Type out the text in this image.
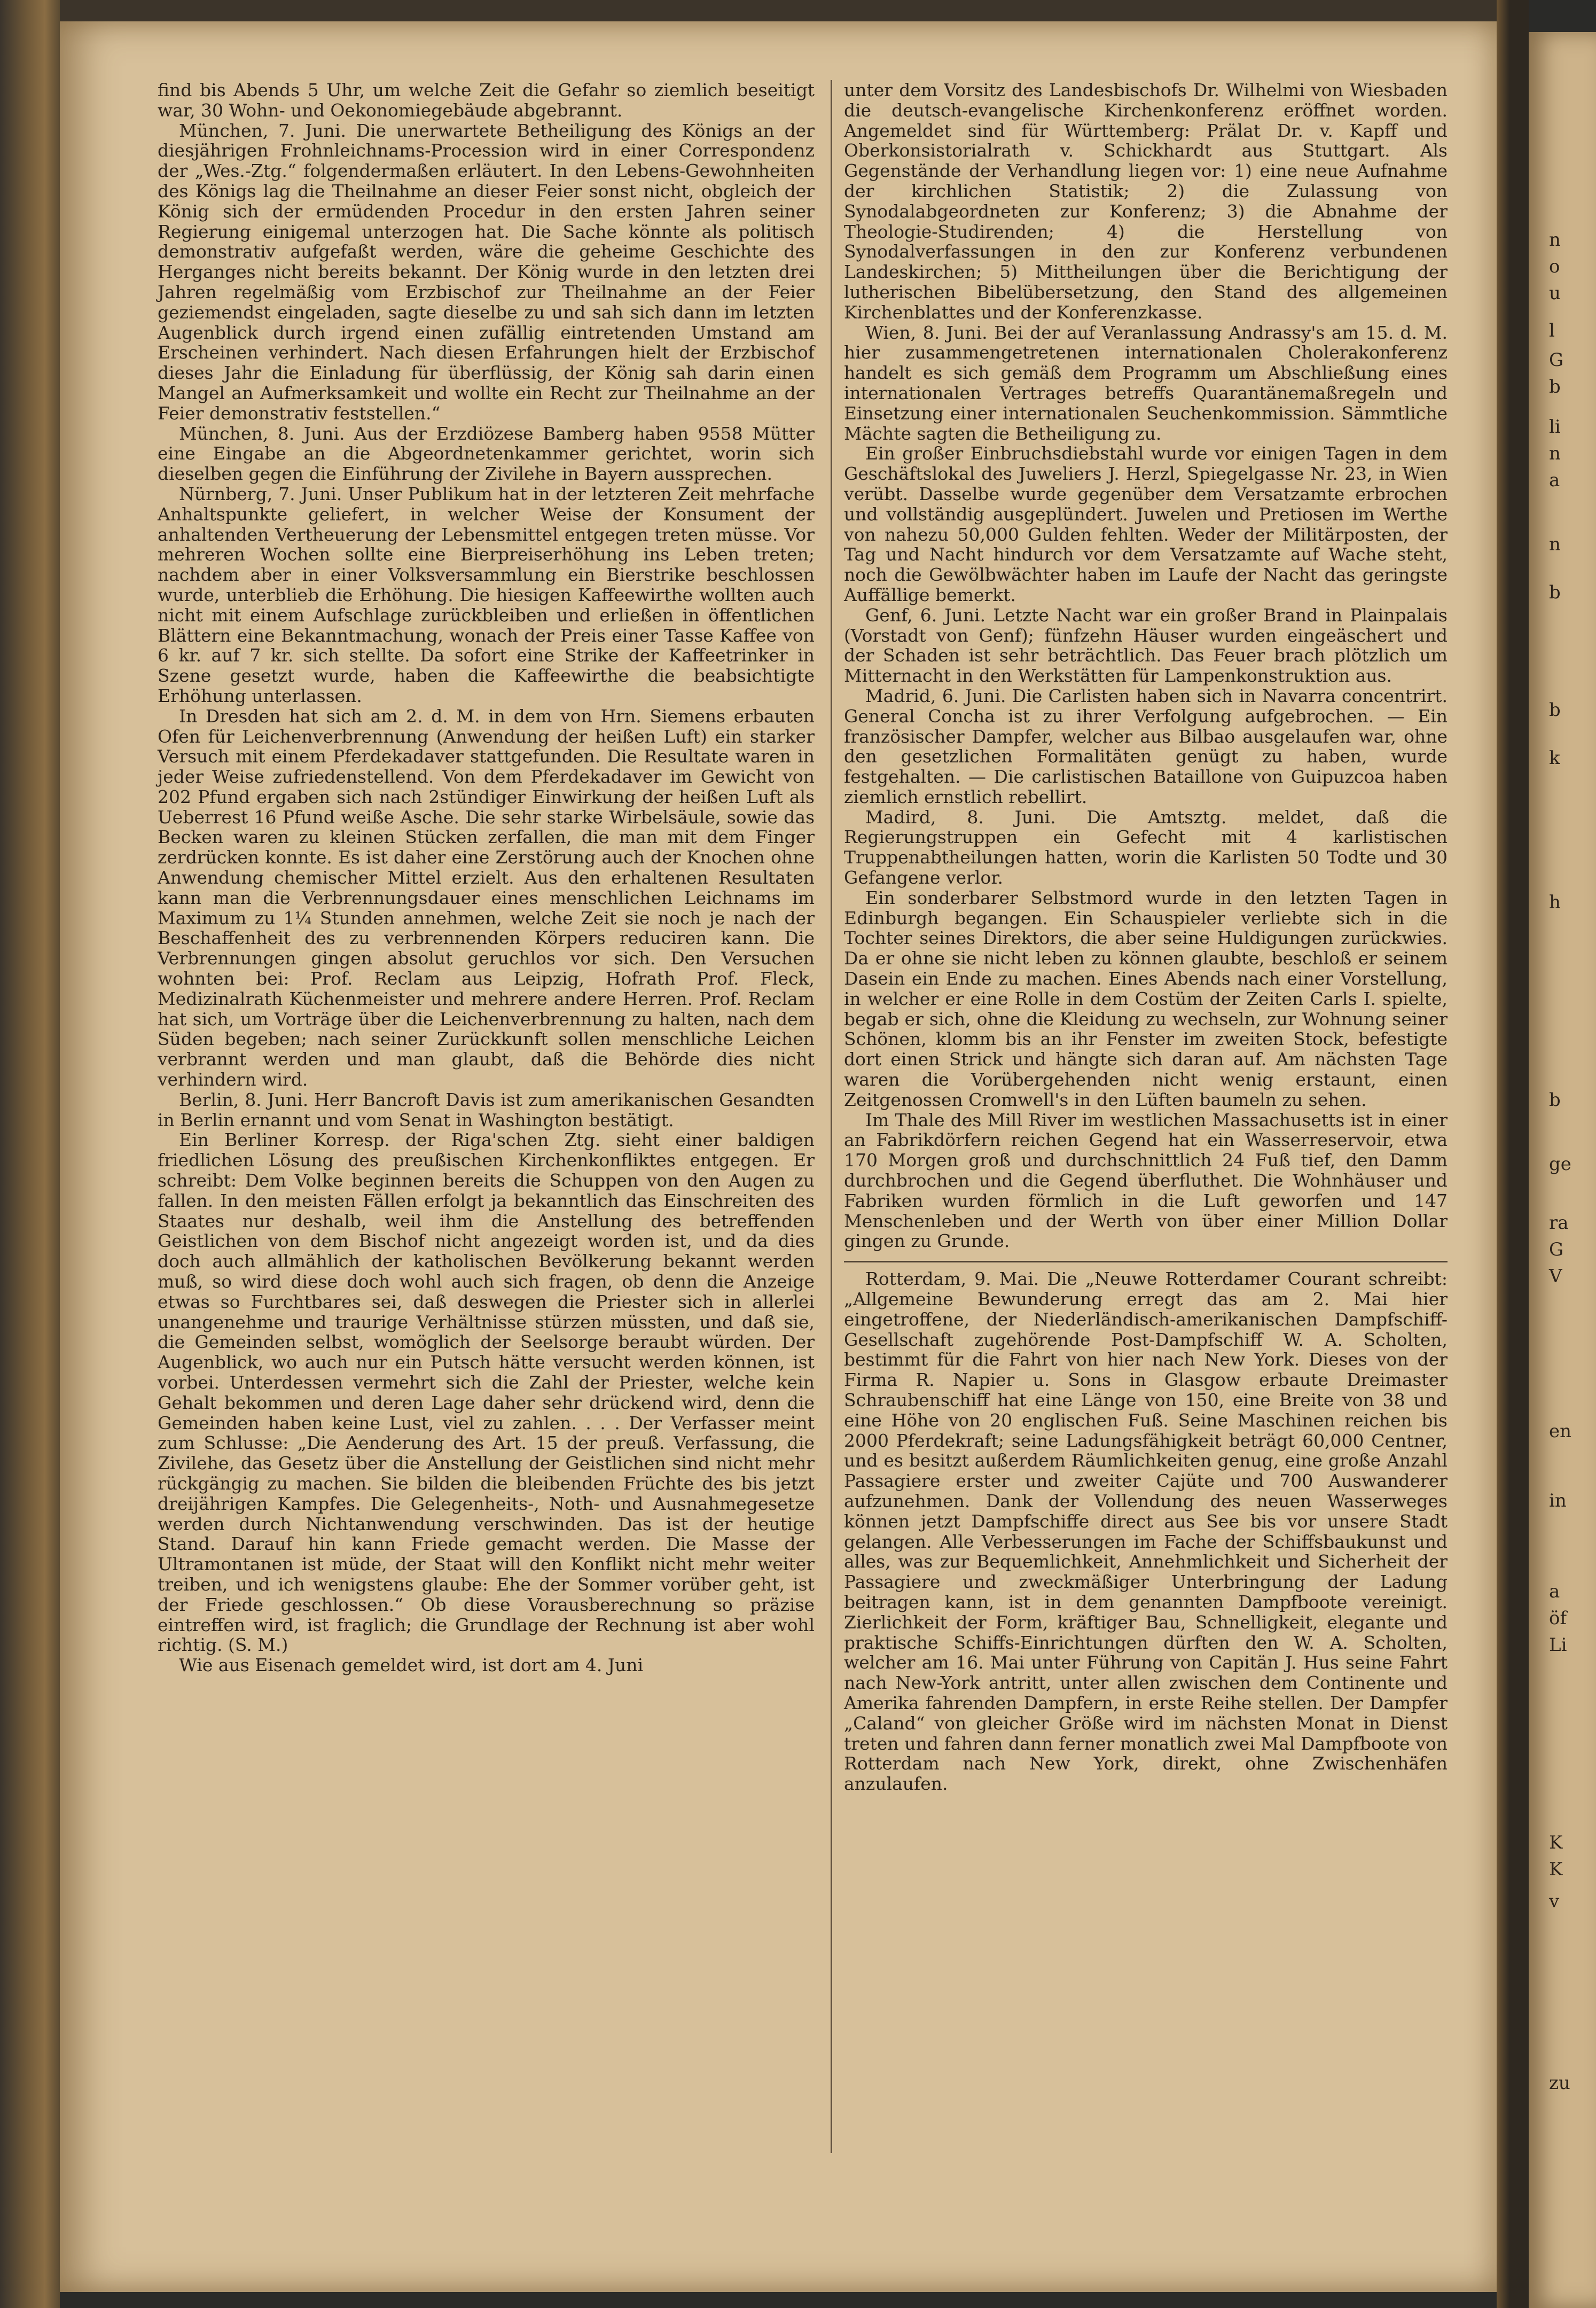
find bis Abends 5 Uhr, um welche Zeit die Gefahr so ziemlich beseitigt war, 30 Wohn- und Oekonomiegebäude abgebrannt.

München, 7. Juni. Die unerwartete Betheiligung des Königs an der diesjährigen Frohnleichnams-Procession wird in einer Correspondenz der „Wes.-Ztg.“ folgendermaßen erläutert. In den Lebens-Gewohnheiten des Königs lag die Theilnahme an dieser Feier sonst nicht, obgleich der König sich der ermüdenden Procedur in den ersten Jahren seiner Regierung einigemal unterzogen hat. Die Sache könnte als politisch demonstrativ aufgefaßt werden, wäre die geheime Geschichte des Herganges nicht bereits bekannt. Der König wurde in den letzten drei Jahren regelmäßig vom Erzbischof zur Theilnahme an der Feier geziemendst eingeladen, sagte dieselbe zu und sah sich dann im letzten Augenblick durch irgend einen zufällig eintretenden Umstand am Erscheinen verhindert. Nach diesen Erfahrungen hielt der Erzbischof dieses Jahr die Einladung für überflüssig, der König sah darin einen Mangel an Aufmerksamkeit und wollte ein Recht zur Theilnahme an der Feier demonstrativ feststellen.“

München, 8. Juni. Aus der Erzdiözese Bamberg haben 9558 Mütter eine Eingabe an die Abgeordnetenkammer gerichtet, worin sich dieselben gegen die Einführung der Zivilehe in Bayern aussprechen.

Nürnberg, 7. Juni. Unser Publikum hat in der letzteren Zeit mehrfache Anhaltspunkte geliefert, in welcher Weise der Konsument der anhaltenden Vertheuerung der Lebensmittel entgegen treten müsse. Vor mehreren Wochen sollte eine Bierpreiserhöhung ins Leben treten; nachdem aber in einer Volksversammlung ein Bierstrike beschlossen wurde, unterblieb die Erhöhung. Die hiesigen Kaffeewirthe wollten auch nicht mit einem Aufschlage zurückbleiben und erließen in öffentlichen Blättern eine Bekanntmachung, wonach der Preis einer Tasse Kaffee von 6 kr. auf 7 kr. sich stellte. Da sofort eine Strike der Kaffeetrinker in Szene gesetzt wurde, haben die Kaffeewirthe die beabsichtigte Erhöhung unterlassen.

In Dresden hat sich am 2. d. M. in dem von Hrn. Siemens erbauten Ofen für Leichenverbrennung (Anwendung der heißen Luft) ein starker Versuch mit einem Pferdekadaver stattgefunden. Die Resultate waren in jeder Weise zufriedenstellend. Von dem Pferdekadaver im Gewicht von 202 Pfund ergaben sich nach 2stündiger Einwirkung der heißen Luft als Ueberrest 16 Pfund weiße Asche. Die sehr starke Wirbelsäule, sowie das Becken waren zu kleinen Stücken zerfallen, die man mit dem Finger zerdrücken konnte. Es ist daher eine Zerstörung auch der Knochen ohne Anwendung chemischer Mittel erzielt. Aus den erhaltenen Resultaten kann man die Verbrennungsdauer eines menschlichen Leichnams im Maximum zu 1¼ Stunden annehmen, welche Zeit sie noch je nach der Beschaffenheit des zu verbrennenden Körpers reduciren kann. Die Verbrennungen gingen absolut geruchlos vor sich. Den Versuchen wohnten bei: Prof. Reclam aus Leipzig, Hofrath Prof. Fleck, Medizinalrath Küchenmeister und mehrere andere Herren. Prof. Reclam hat sich, um Vorträge über die Leichenverbrennung zu halten, nach dem Süden begeben; nach seiner Zurückkunft sollen menschliche Leichen verbrannt werden und man glaubt, daß die Behörde dies nicht verhindern wird.

Berlin, 8. Juni. Herr Bancroft Davis ist zum amerikanischen Gesandten in Berlin ernannt und vom Senat in Washington bestätigt.

Ein Berliner Korresp. der Riga'schen Ztg. sieht einer baldigen friedlichen Lösung des preußischen Kirchenkonfliktes entgegen. Er schreibt: Dem Volke beginnen bereits die Schuppen von den Augen zu fallen. In den meisten Fällen erfolgt ja bekanntlich das Einschreiten des Staates nur deshalb, weil ihm die Anstellung des betreffenden Geistlichen von dem Bischof nicht angezeigt worden ist, und da dies doch auch allmählich der katholischen Bevölkerung bekannt werden muß, so wird diese doch wohl auch sich fragen, ob denn die Anzeige etwas so Furchtbares sei, daß deswegen die Priester sich in allerlei unangenehme und traurige Verhältnisse stürzen müssten, und daß sie, die Gemeinden selbst, womöglich der Seelsorge beraubt würden. Der Augenblick, wo auch nur ein Putsch hätte versucht werden können, ist vorbei. Unterdessen vermehrt sich die Zahl der Priester, welche kein Gehalt bekommen und deren Lage daher sehr drückend wird, denn die Gemeinden haben keine Lust, viel zu zahlen. . . . Der Verfasser meint zum Schlusse: „Die Aenderung des Art. 15 der preuß. Verfassung, die Zivilehe, das Gesetz über die Anstellung der Geistlichen sind nicht mehr rückgängig zu machen. Sie bilden die bleibenden Früchte des bis jetzt dreijährigen Kampfes. Die Gelegenheits-, Noth- und Ausnahmegesetze werden durch Nichtanwendung verschwinden. Das ist der heutige Stand. Darauf hin kann Friede gemacht werden. Die Masse der Ultramontanen ist müde, der Staat will den Konflikt nicht mehr weiter treiben, und ich wenigstens glaube: Ehe der Sommer vorüber geht, ist der Friede geschlossen.“ Ob diese Vorausberechnung so präzise eintreffen wird, ist fraglich; die Grundlage der Rechnung ist aber wohl richtig. (S. M.)

Wie aus Eisenach gemeldet wird, ist dort am 4. Juni

unter dem Vorsitz des Landesbischofs Dr. Wilhelmi von Wiesbaden die deutsch-evangelische Kirchenkonferenz eröffnet worden. Angemeldet sind für Württemberg: Prälat Dr. v. Kapff und Oberkonsistorialrath v. Schickhardt aus Stuttgart. Als Gegenstände der Verhandlung liegen vor: 1) eine neue Aufnahme der kirchlichen Statistik; 2) die Zulassung von Synodalabgeordneten zur Konferenz; 3) die Abnahme der Theologie-Studirenden; 4) die Herstellung von Synodalverfassungen in den zur Konferenz verbundenen Landeskirchen; 5) Mittheilungen über die Berichtigung der lutherischen Bibelübersetzung, den Stand des allgemeinen Kirchenblattes und der Konferenzkasse.

Wien, 8. Juni. Bei der auf Veranlassung Andrassy's am 15. d. M. hier zusammengetretenen internationalen Cholerakonferenz handelt es sich gemäß dem Programm um Abschließung eines internationalen Vertrages betreffs Quarantänemaßregeln und Einsetzung einer internationalen Seuchenkommission. Sämmtliche Mächte sagten die Betheiligung zu.

Ein großer Einbruchsdiebstahl wurde vor einigen Tagen in dem Geschäftslokal des Juweliers J. Herzl, Spiegelgasse Nr. 23, in Wien verübt. Dasselbe wurde gegenüber dem Versatzamte erbrochen und vollständig ausgeplündert. Juwelen und Pretiosen im Werthe von nahezu 50,000 Gulden fehlten. Weder der Militärposten, der Tag und Nacht hindurch vor dem Versatzamte auf Wache steht, noch die Gewölbwächter haben im Laufe der Nacht das geringste Auffällige bemerkt.

Genf, 6. Juni. Letzte Nacht war ein großer Brand in Plainpalais (Vorstadt von Genf); fünfzehn Häuser wurden eingeäschert und der Schaden ist sehr beträchtlich. Das Feuer brach plötzlich um Mitternacht in den Werkstätten für Lampenkonstruktion aus.

Madrid, 6. Juni. Die Carlisten haben sich in Navarra concentrirt. General Concha ist zu ihrer Verfolgung aufgebrochen. — Ein französischer Dampfer, welcher aus Bilbao ausgelaufen war, ohne den gesetzlichen Formalitäten genügt zu haben, wurde festgehalten. — Die carlistischen Bataillone von Guipuzcoa haben ziemlich ernstlich rebellirt.

Madird, 8. Juni. Die Amtsztg. meldet, daß die Regierungstruppen ein Gefecht mit 4 karlistischen Truppenabtheilungen hatten, worin die Karlisten 50 Todte und 30 Gefangene verlor.

Ein sonderbarer Selbstmord wurde in den letzten Tagen in Edinburgh begangen. Ein Schauspieler verliebte sich in die Tochter seines Direktors, die aber seine Huldigungen zurückwies. Da er ohne sie nicht leben zu können glaubte, beschloß er seinem Dasein ein Ende zu machen. Eines Abends nach einer Vorstellung, in welcher er eine Rolle in dem Costüm der Zeiten Carls I. spielte, begab er sich, ohne die Kleidung zu wechseln, zur Wohnung seiner Schönen, klomm bis an ihr Fenster im zweiten Stock, befestigte dort einen Strick und hängte sich daran auf. Am nächsten Tage waren die Vorübergehenden nicht wenig erstaunt, einen Zeitgenossen Cromwell's in den Lüften baumeln zu sehen.

Im Thale des Mill River im westlichen Massachusetts ist in einer an Fabrikdörfern reichen Gegend hat ein Wasserreservoir, etwa 170 Morgen groß und durchschnittlich 24 Fuß tief, den Damm durchbrochen und die Gegend überfluthet. Die Wohnhäuser und Fabriken wurden förmlich in die Luft geworfen und 147 Menschenleben und der Werth von über einer Million Dollar gingen zu Grunde.

Rotterdam, 9. Mai. Die „Neuwe Rotterdamer Courant schreibt: „Allgemeine Bewunderung erregt das am 2. Mai hier eingetroffene, der Niederländisch-amerikanischen Dampfschiff-Gesellschaft zugehörende Post-Dampfschiff W. A. Scholten, bestimmt für die Fahrt von hier nach New York. Dieses von der Firma R. Napier u. Sons in Glasgow erbaute Dreimaster Schraubenschiff hat eine Länge von 150, eine Breite von 38 und eine Höhe von 20 englischen Fuß. Seine Maschinen reichen bis 2000 Pferdekraft; seine Ladungsfähigkeit beträgt 60,000 Centner, und es besitzt außerdem Räumlichkeiten genug, eine große Anzahl Passagiere erster und zweiter Cajüte und 700 Auswanderer aufzunehmen. Dank der Vollendung des neuen Wasserweges können jetzt Dampfschiffe direct aus See bis vor unsere Stadt gelangen. Alle Verbesserungen im Fache der Schiffsbaukunst und alles, was zur Bequemlichkeit, Annehmlichkeit und Sicherheit der Passagiere und zweckmäßiger Unterbringung der Ladung beitragen kann, ist in dem genannten Dampfboote vereinigt. Zierlichkeit der Form, kräftiger Bau, Schnelligkeit, elegante und praktische Schiffs-Einrichtungen dürften den W. A. Scholten, welcher am 16. Mai unter Führung von Capitän J. Hus seine Fahrt nach New-York antritt, unter allen zwischen dem Continente und Amerika fahrenden Dampfern, in erste Reihe stellen. Der Dampfer „Caland“ von gleicher Größe wird im nächsten Monat in Dienst treten und fahren dann ferner monatlich zwei Mal Dampfboote von Rotterdam nach New York, direkt, ohne Zwischenhäfen anzulaufen.

n
o
u
l
G
b
li
n
a
n
b
b
k
h
b
ge
ra
G
V
en
in
a
öf
Li
K
K
v
zu
